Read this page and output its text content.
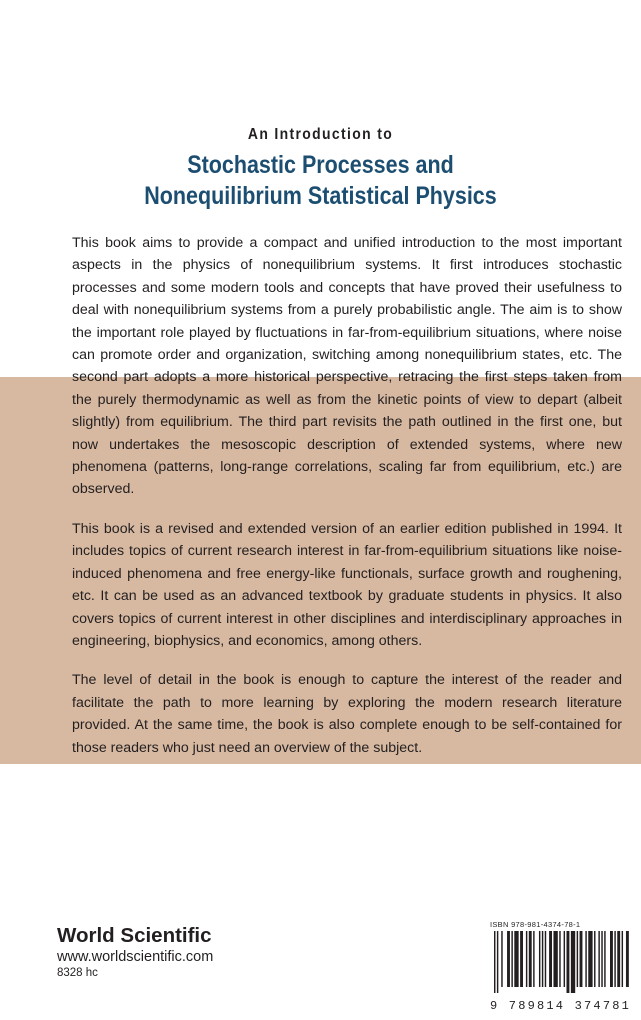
An Introduction to
Stochastic Processes and
Nonequilibrium Statistical Physics

This book aims to provide a compact and unified introduction to the most important aspects in the physics of nonequilibrium systems. It first introduces stochastic processes and some modern tools and concepts that have proved their usefulness to deal with nonequilibrium systems from a purely probabilistic angle. The aim is to show the important role played by fluctuations in far-from-equilibrium situations, where noise can promote order and organization, switching among nonequilibrium states, etc. The second part adopts a more historical perspective, retracing the first steps taken from the purely thermodynamic as well as from the kinetic points of view to depart (albeit slightly) from equilibrium. The third part revisits the path outlined in the first one, but now undertakes the mesoscopic description of extended systems, where new phenomena (patterns, long-range correlations, scaling far from equilibrium, etc.) are observed.

This book is a revised and extended version of an earlier edition published in 1994. It includes topics of current research interest in far-from-equilibrium situations like noise-induced phenomena and free energy-like functionals, surface growth and roughening, etc. It can be used as an advanced textbook by graduate students in physics. It also covers topics of current interest in other disciplines and interdisciplinary approaches in engineering, biophysics, and economics, among others.

The level of detail in the book is enough to capture the interest of the reader and facilitate the path to more learning by exploring the modern research literature provided. At the same time, the book is also complete enough to be self-contained for those readers who just need an overview of the subject.

World Scientific
www.worldscientific.com
8328 hc
ISBN 978-981-4374-78-1
9 789814 374781
